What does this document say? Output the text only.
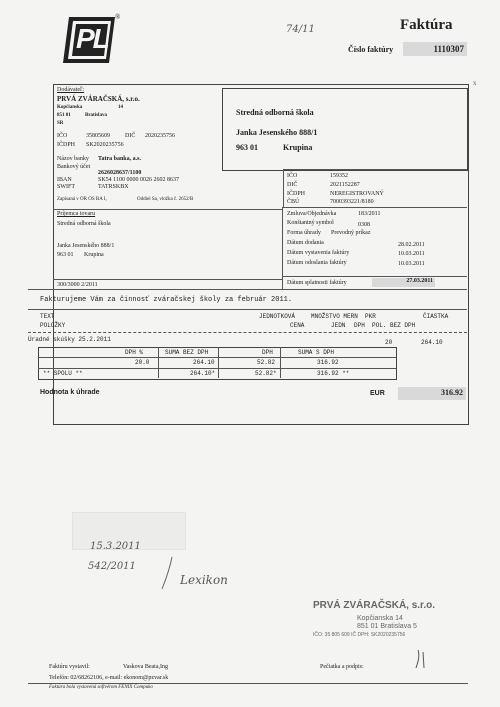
PL
®
74/11
x
Faktúra
Číslo faktúry	1110307
Stredná odborná škola
Janka Jesenského 888/1
963 01	Krupina
Dodávateľ:
PRVÁ ZVÁRAČSKÁ, s.r.o.
Kopčianska	14
851 01	Bratislava
SR
IČO	35805609	DIČ 2020235756
IČDPH SK2020235756
Názov banky Tatra banka, a.s.
Bankový účet
2626028637/1100
IBAN	SK54 1100 0000 0026 2602 8637
SWIFT	TATRSKBX
Zapísaná v OR OS BA I,	Oddiel Sa, vložka č. 2652/B
IČO	159352
DIČ	2021152287
IČDPH	NEREGISTROVANÝ
ČBÚ	7000393221/8180
Príjemca tovaru
Stredná odborná škola
Janka Jesenského 888/1
963 01 Krupina
300/3000 2/2011
Zmluva/Objednávka	183/2011
Konštantný symbol	0308
Forma úhrady Prevodný príkaz
Dátum dodania	28.02.2011
Dátum vystavenia faktúry	10.03.2011
Dátum odoslania faktúry	10.03.2011
Dátum splatnosti faktúry	27.03.2011
Fakturujeme Vám za činnosť zváračskej školy za február 2011.
TEXT	JEDNOTKOVÁ	MNOŽSTVO MERN PKR	ČIASTKA
POLOŽKY	CENA	JEDN DPH POL. BEZ DPH
Úradné skúšky 25.2.2011	20	264.10
DPH %	SUMA BEZ DPH	DPH	SUMA S DPH
20.0	264.10	52.82	316.92
** SPOLU **	264.10*	52.82*	316.92 **
Hodnota k úhrade	EUR	316.92
15.3.2011
542/2011
Lexikon
PRVÁ ZVÁRAČSKÁ, s.r.o.
Kopčianska 14
851 01 Bratislava 5
IČO: 35 805 609 IČ DPH: SK2020235756
Faktúru vystavil:	Vaskova Beata,Ing	Pečiatka a podpis:
Telefón: 02/68262106, e-mail: ekonom@pzvar.sk
Faktúra bola vystavená softvérom FÉNIX Compuko
